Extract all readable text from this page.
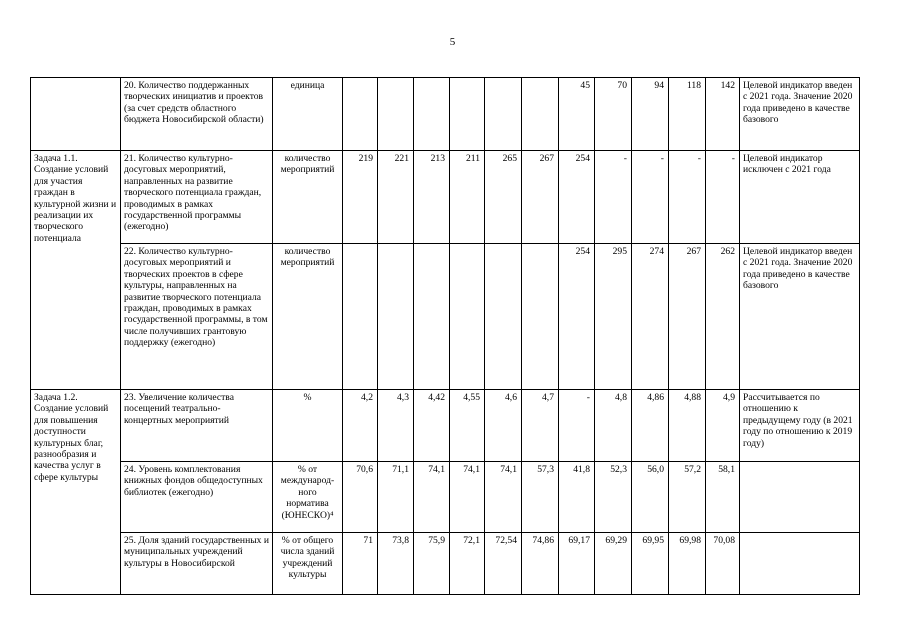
5
	20. Количество поддержанных творческих инициатив и проектов (за счет средств областного бюджета Новосибирской области)	единица							45	70	94	118	142	Целевой индикатор введен с 2021 года. Значение 2020 года приведено в качестве базового
Задача 1.1. Создание условий для участия граждан в культурной жизни и реализации их творческого потенциала	21. Количество культурно-досуговых мероприятий, направленных на развитие творческого потенциала граждан, проводимых в рамках государственной программы (ежегодно)	количество мероприятий	219	221	213	211	265	267	254	-	-	-	-	Целевой индикатор исключен с 2021 года
	22. Количество культурно-досуговых мероприятий и творческих проектов в сфере культуры, направленных на развитие творческого потенциала граждан, проводимых в рамках государственной программы, в том числе получивших грантовую поддержку (ежегодно)	количество мероприятий							254	295	274	267	262	Целевой индикатор введен с 2021 года. Значение 2020 года приведено в качестве базового
Задача 1.2. Создание условий для повышения доступности культурных благ, разнообразия и качества услуг в сфере культуры	23. Увеличение количества посещений театрально-концертных мероприятий	%	4,2	4,3	4,42	4,55	4,6	4,7	-	4,8	4,86	4,88	4,9	Рассчитывается по отношению к предыдущему году (в 2021 году по отношению к 2019 году)
	24. Уровень комплектования книжных фондов общедоступных библиотек (ежегодно)	% от международ-ного норматива (ЮНЕСКО)⁴	70,6	71,1	74,1	74,1	74,1	57,3	41,8	52,3	56,0	57,2	58,1	
	25. Доля зданий государственных и муниципальных учреждений культуры в Новосибирской	% от общего числа зданий учреждений культуры	71	73,8	75,9	72,1	72,54	74,86	69,17	69,29	69,95	69,98	70,08	
